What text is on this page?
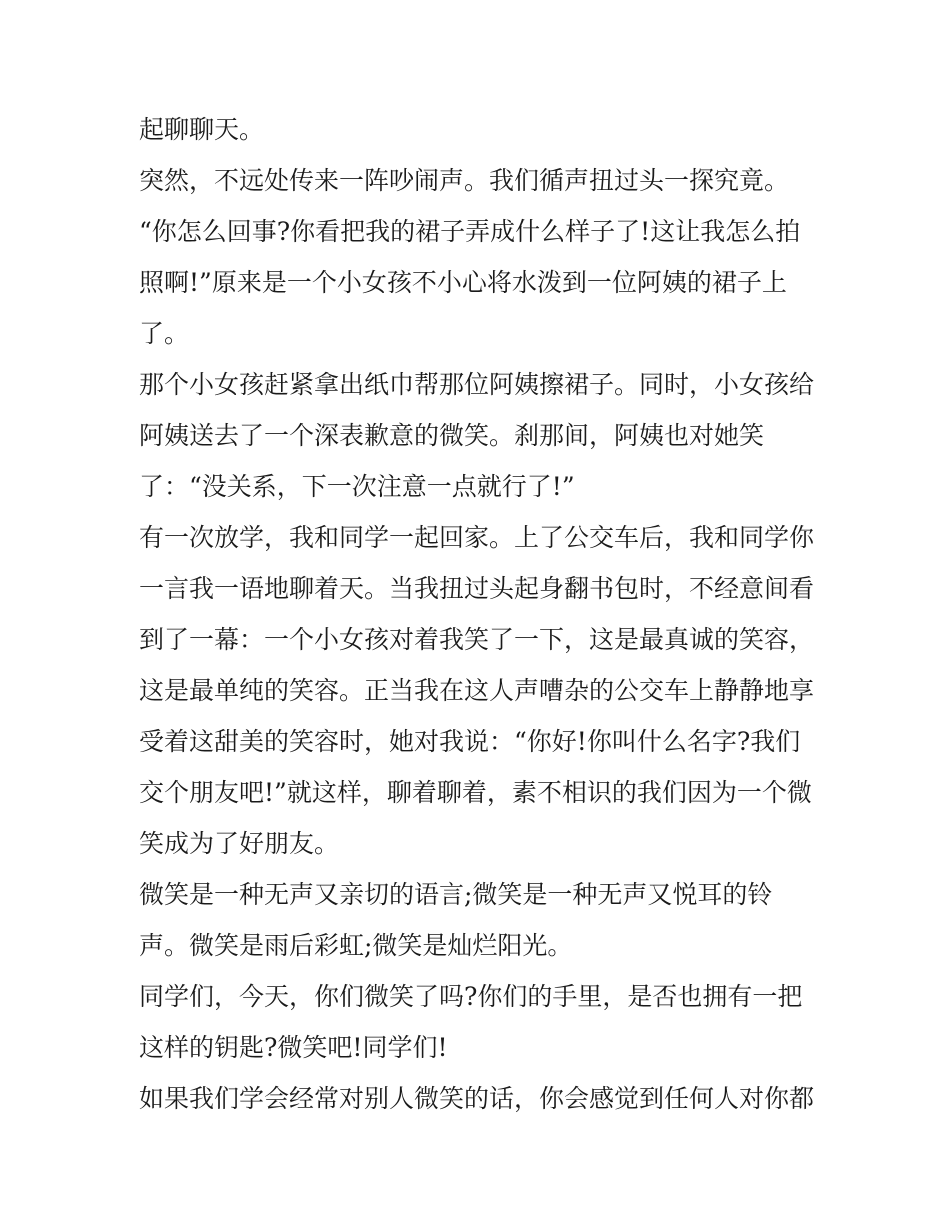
起聊聊天。
突然，不远处传来一阵吵闹声。我们循声扭过头一探究竟。
“你怎么回事?你看把我的裙子弄成什么样子了!这让我怎么拍
照啊!”原来是一个小女孩不小心将水泼到一位阿姨的裙子上
了。
那个小女孩赶紧拿出纸巾帮那位阿姨擦裙子。同时，小女孩给
阿姨送去了一个深表歉意的微笑。刹那间，阿姨也对她笑
了：“没关系，下一次注意一点就行了!”
有一次放学，我和同学一起回家。上了公交车后，我和同学你
一言我一语地聊着天。当我扭过头起身翻书包时，不经意间看
到了一幕：一个小女孩对着我笑了一下，这是最真诚的笑容，
这是最单纯的笑容。正当我在这人声嘈杂的公交车上静静地享
受着这甜美的笑容时，她对我说：“你好!你叫什么名字?我们
交个朋友吧!”就这样，聊着聊着，素不相识的我们因为一个微
笑成为了好朋友。
微笑是一种无声又亲切的语言;微笑是一种无声又悦耳的铃
声。微笑是雨后彩虹;微笑是灿烂阳光。
同学们，今天，你们微笑了吗?你们的手里，是否也拥有一把
这样的钥匙?微笑吧!同学们!
如果我们学会经常对别人微笑的话，你会感觉到任何人对你都
